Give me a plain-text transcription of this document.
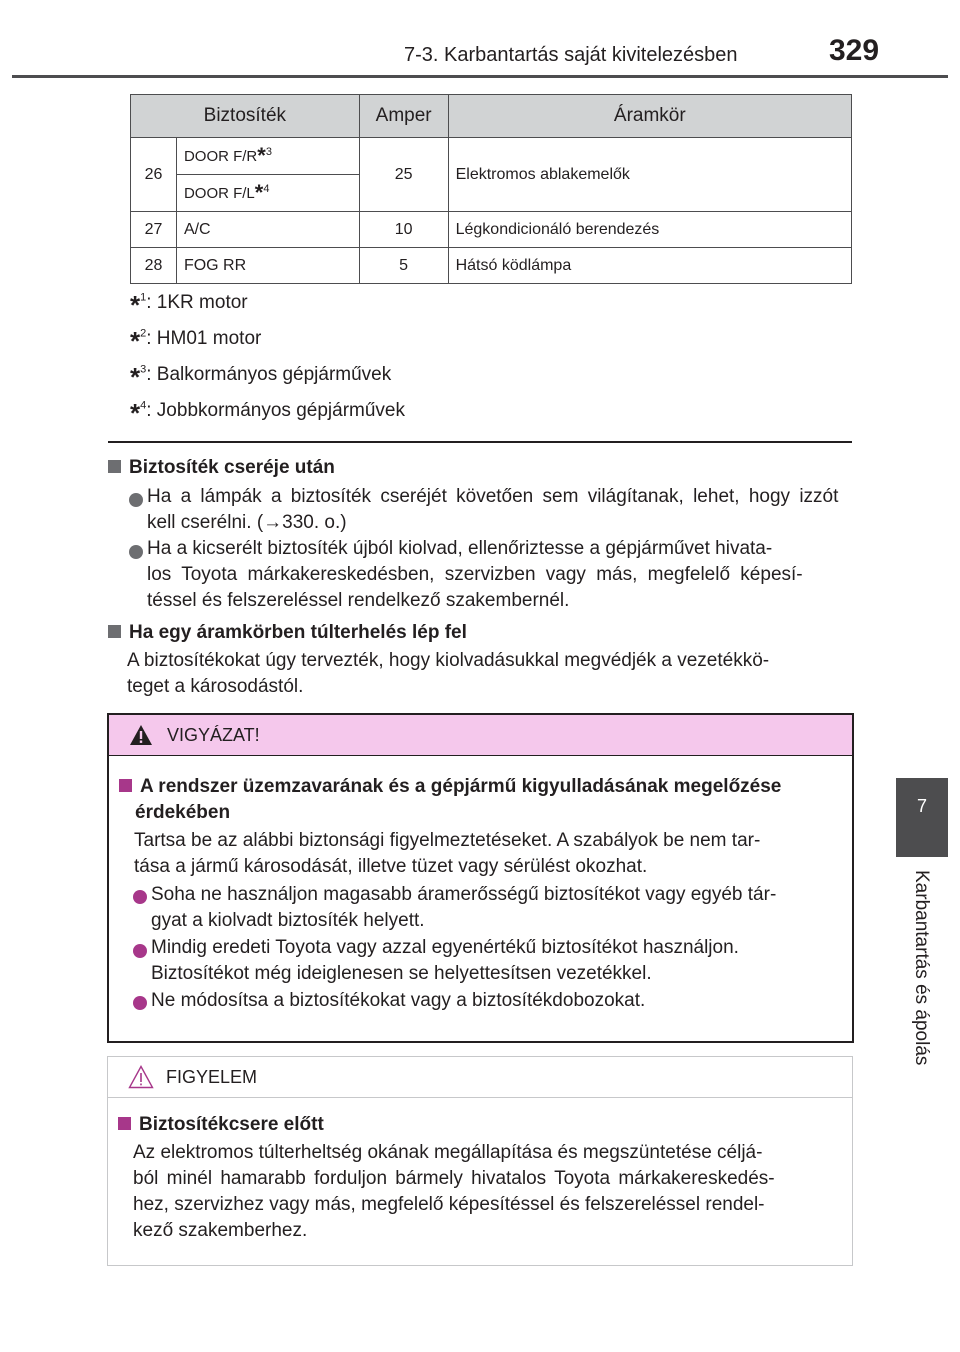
7-3. Karbantartás saját kivitelezésben	329
7
Karbantartás és ápolás
Biztosíték		Amper	Áramkör
26	DOOR F/R*$^3$	25	Elektromos ablakemelők
	DOOR F/L*$^4$
27	A/C	10	Légkondicionáló berendezés
28	FOG RR	5	Hátsó ködlámpa
*$^1$: 1KR motor
*$^2$: HM01 motor
*$^3$: Balkormányos gépjárművek
*$^4$: Jobbkormányos gépjárművek
Biztosíték cseréje után
Ha a lámpák a biztosíték cseréjét követően sem világítanak, lehet, hogy izzót
kell cserélni. (→330. o.)
Ha a kicserélt biztosíték újból kiolvad, ellenőriztesse a gépjárművet hivata-
los Toyota márkakereskedésben, szervizben vagy más, megfelelő képesí-
téssel és felszereléssel rendelkező szakembernél.
Ha egy áramkörben túlterhelés lép fel
A biztosítékokat úgy tervezték, hogy kiolvadásukkal megvédjék a vezetékkö-
teget a károsodástól.
VIGYÁZAT!
A rendszer üzemzavarának és a gépjármű kigyulladásának megelőzése
érdekében
Tartsa be az alábbi biztonsági figyelmeztetéseket. A szabályok be nem tar-
tása a jármű károsodását, illetve tüzet vagy sérülést okozhat.
Soha ne használjon magasabb áramerősségű biztosítékot vagy egyéb tár-
gyat a kiolvadt biztosíték helyett.
Mindig eredeti Toyota vagy azzal egyenértékű biztosítékot használjon.
Biztosítékot még ideiglenesen se helyettesítsen vezetékkel.
Ne módosítsa a biztosítékokat vagy a biztosítékdobozokat.
FIGYELEM
Biztosítékcsere előtt
Az elektromos túlterheltség okának megállapítása és megszüntetése céljá-
ból minél hamarabb forduljon bármely hivatalos Toyota márkakereskedés-
hez, szervizhez vagy más, megfelelő képesítéssel és felszereléssel rendel-
kező szakemberhez.
